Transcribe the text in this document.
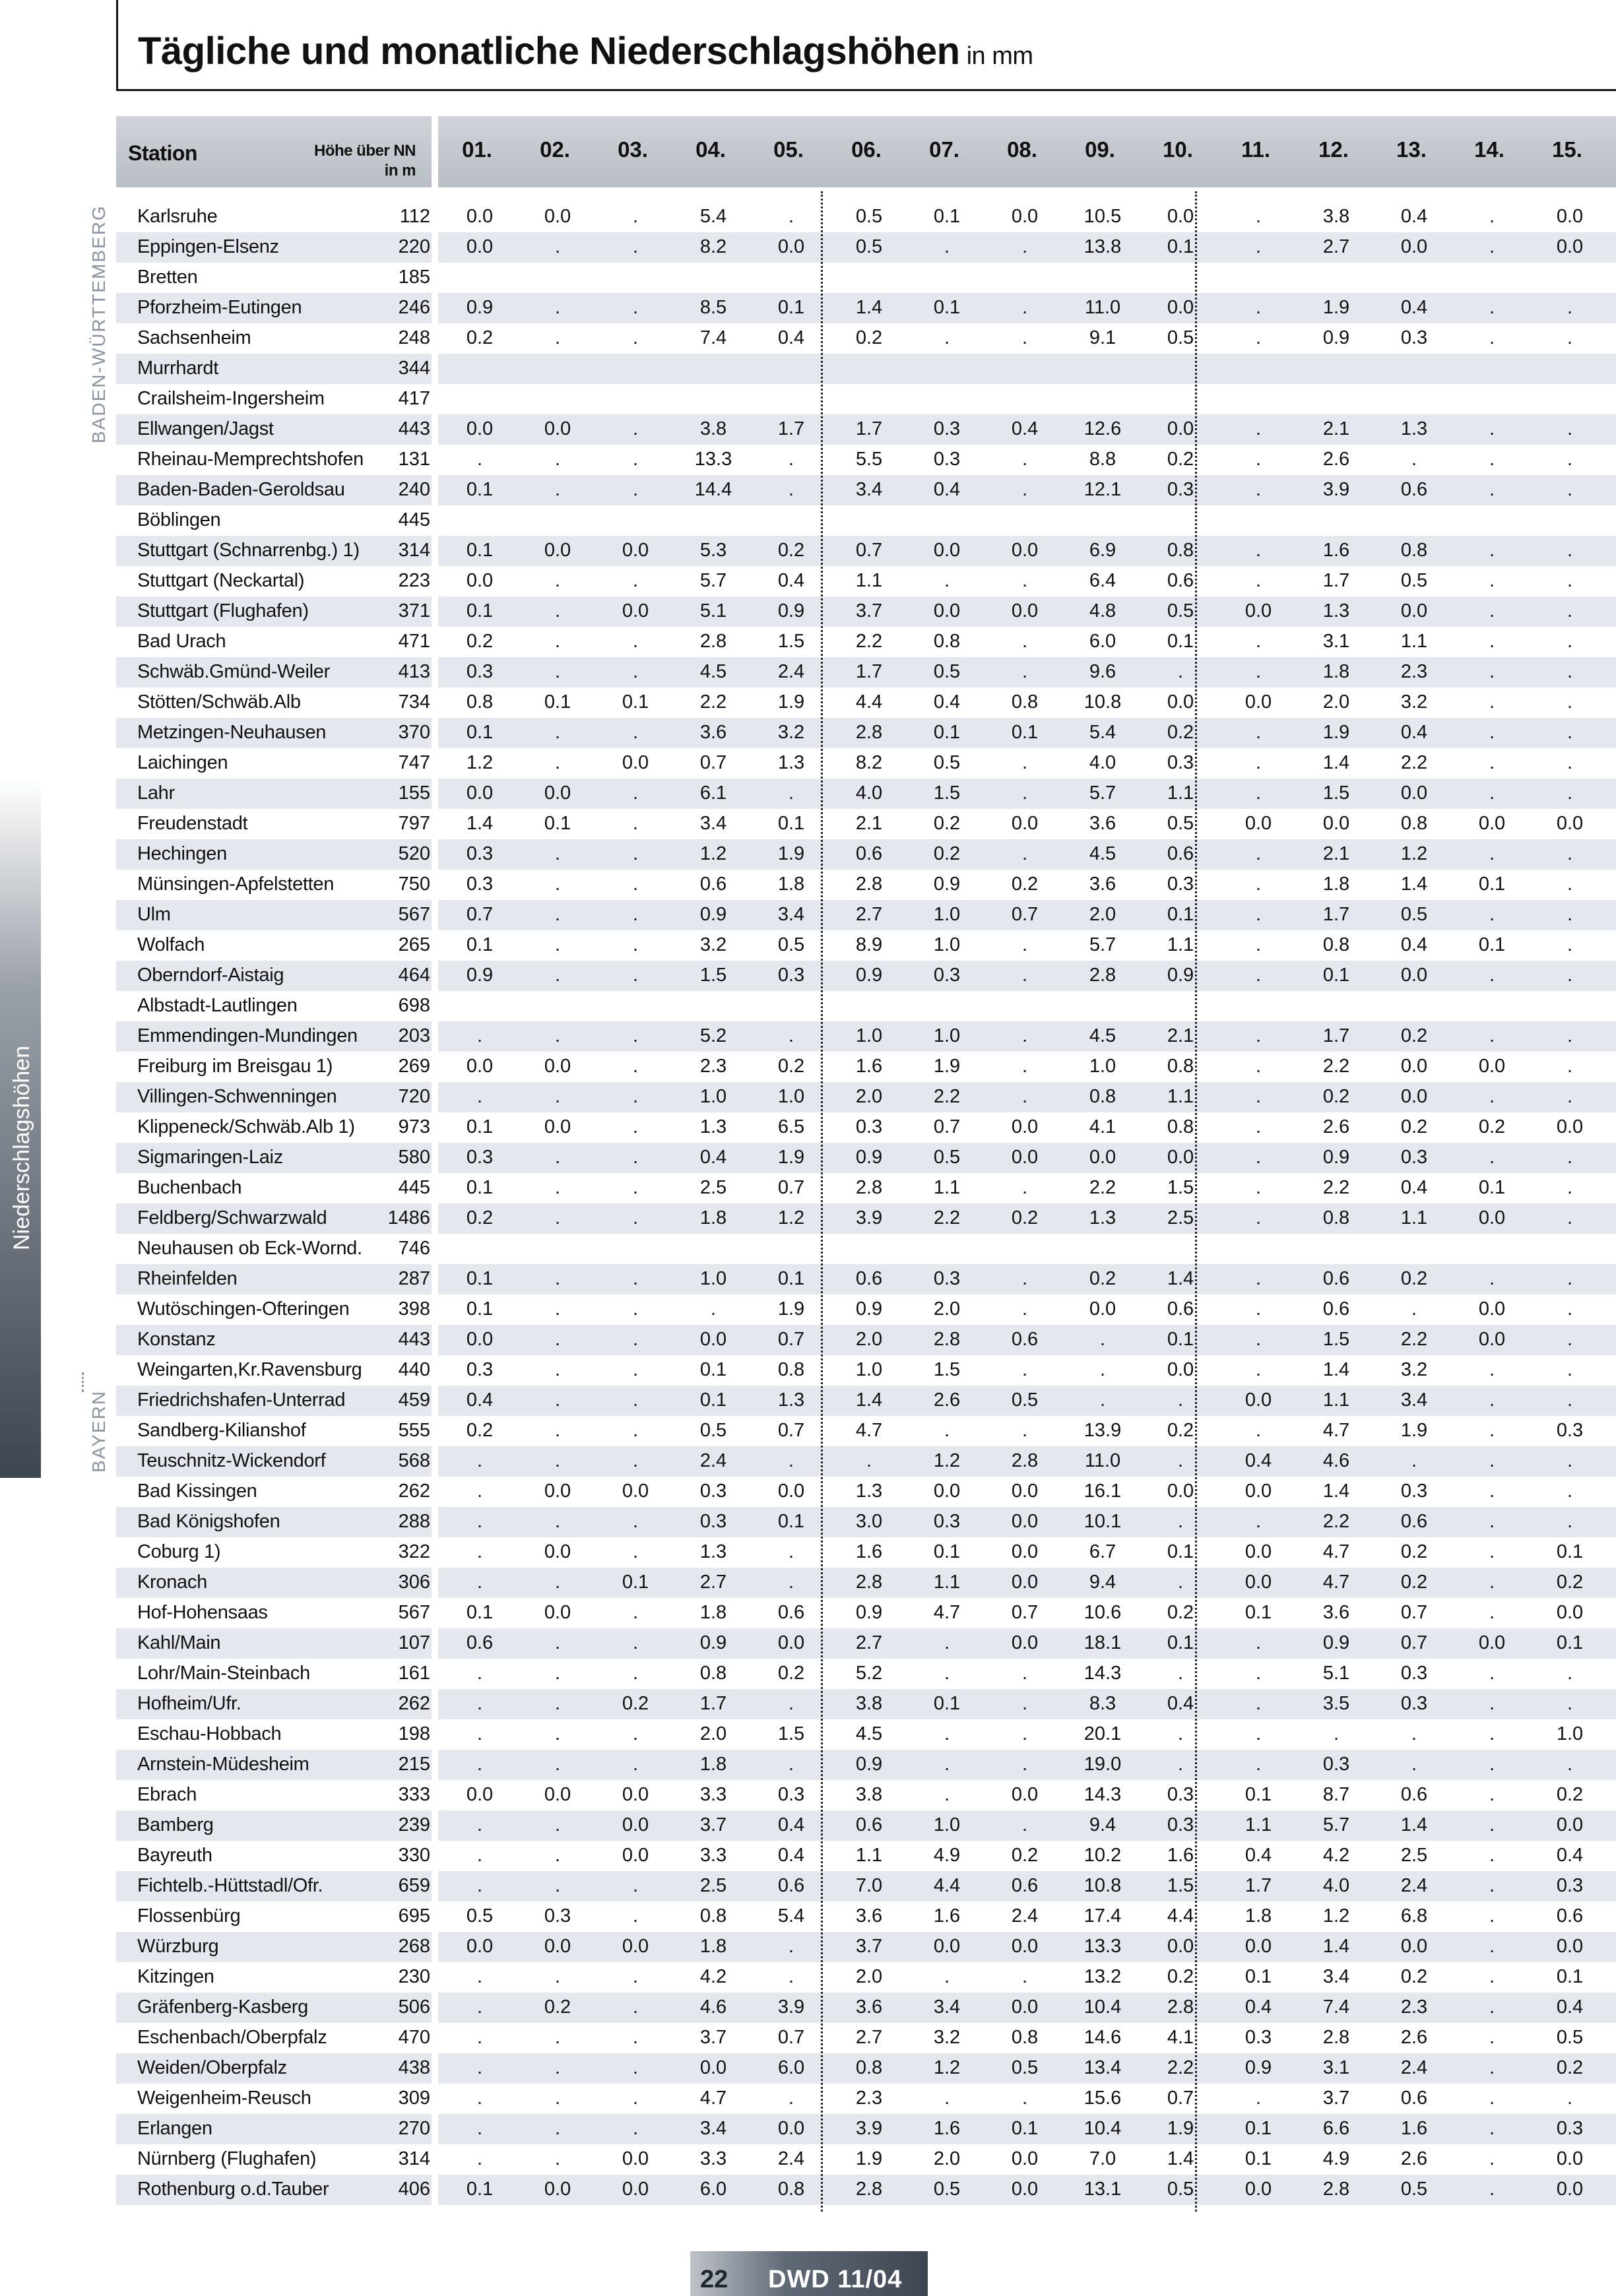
Tägliche und monatliche Niederschlagshöhen in mm
Niederschlagshöhen
BADEN-WÜRTTEMBERG
BAYERN
Station	Höhe über NN
in m
01.	02.	03.	04.	05.	06.	07.	08.	09.	10.	11.	12.	13.	14.	15.
Karlsruhe	112	0.0	0.0	.	5.4	.	0.5	0.1	0.0	10.5	0.0	.	3.8	0.4	.	0.0
Eppingen-Elsenz	220	0.0	.	.	8.2	0.0	0.5	.	.	13.8	0.1	.	2.7	0.0	.	0.0
Bretten	185
Pforzheim-Eutingen	246	0.9	.	.	8.5	0.1	1.4	0.1	.	11.0	0.0	.	1.9	0.4	.	.
Sachsenheim	248	0.2	.	.	7.4	0.4	0.2	.	.	9.1	0.5	.	0.9	0.3	.	.
Murrhardt	344
Crailsheim-Ingersheim	417
Ellwangen/Jagst	443	0.0	0.0	.	3.8	1.7	1.7	0.3	0.4	12.6	0.0	.	2.1	1.3	.	.
Rheinau-Memprechtshofen 131	.	.	.	13.3	.	5.5	0.3	.	8.8	0.2	.	2.6	.	.	.
Baden-Baden-Geroldsau	240	0.1	.	.	14.4	.	3.4	0.4	.	12.1	0.3	.	3.9	0.6	.	.
Böblingen	445
Stuttgart (Schnarrenbg.) 1) 314	0.1	0.0	0.0	5.3	0.2	0.7	0.0	0.0	6.9	0.8	.	1.6	0.8	.	.
Stuttgart (Neckartal)	223	0.0	.	.	5.7	0.4	1.1	.	.	6.4	0.6	.	1.7	0.5	.	.
Stuttgart (Flughafen)	371	0.1	.	0.0	5.1	0.9	3.7	0.0	0.0	4.8	0.5	0.0	1.3	0.0	.	.
Bad Urach	471	0.2	.	.	2.8	1.5	2.2	0.8	.	6.0	0.1	.	3.1	1.1	.	.
Schwäb.Gmünd-Weiler	413	0.3	.	.	4.5	2.4	1.7	0.5	.	9.6	.	.	1.8	2.3	.	.
Stötten/Schwäb.Alb	734	0.8	0.1	0.1	2.2	1.9	4.4	0.4	0.8	10.8	0.0	0.0	2.0	3.2	.	.
Metzingen-Neuhausen	370	0.1	.	.	3.6	3.2	2.8	0.1	0.1	5.4	0.2	.	1.9	0.4	.	.
Laichingen	747	1.2	.	0.0	0.7	1.3	8.2	0.5	.	4.0	0.3	.	1.4	2.2	.	.
Lahr	155	0.0	0.0	.	6.1	.	4.0	1.5	.	5.7	1.1	.	1.5	0.0	.	.
Freudenstadt	797	1.4	0.1	.	3.4	0.1	2.1	0.2	0.0	3.6	0.5	0.0	0.0	0.8	0.0	0.0
Hechingen	520	0.3	.	.	1.2	1.9	0.6	0.2	.	4.5	0.6	.	2.1	1.2	.	.
Münsingen-Apfelstetten	750	0.3	.	.	0.6	1.8	2.8	0.9	0.2	3.6	0.3	.	1.8	1.4	0.1	.
Ulm	567	0.7	.	.	0.9	3.4	2.7	1.0	0.7	2.0	0.1	.	1.7	0.5	.	.
Wolfach	265	0.1	.	.	3.2	0.5	8.9	1.0	.	5.7	1.1	.	0.8	0.4	0.1	.
Oberndorf-Aistaig	464	0.9	.	.	1.5	0.3	0.9	0.3	.	2.8	0.9	.	0.1	0.0	.	.
Albstadt-Lautlingen	698
Emmendingen-Mundingen 203	.	.	.	5.2	.	1.0	1.0	.	4.5	2.1	.	1.7	0.2	.	.
Freiburg im Breisgau 1)	269	0.0	0.0	.	2.3	0.2	1.6	1.9	.	1.0	0.8	.	2.2	0.0	0.0	.
Villingen-Schwenningen	720	.	.	.	1.0	1.0	2.0	2.2	.	0.8	1.1	.	0.2	0.0	.	.
Klippeneck/Schwäb.Alb 1) 973	0.1	0.0	.	1.3	6.5	0.3	0.7	0.0	4.1	0.8	.	2.6	0.2	0.2	0.0
Sigmaringen-Laiz	580	0.3	.	.	0.4	1.9	0.9	0.5	0.0	0.0	0.0	.	0.9	0.3	.	.
Buchenbach	445	0.1	.	.	2.5	0.7	2.8	1.1	.	2.2	1.5	.	2.2	0.4	0.1	.
Feldberg/Schwarzwald	1486	0.2	.	.	1.8	1.2	3.9	2.2	0.2	1.3	2.5	.	0.8	1.1	0.0	.
Neuhausen ob Eck-Wornd. 746
Rheinfelden	287	0.1	.	.	1.0	0.1	0.6	0.3	.	0.2	1.4	.	0.6	0.2	.	.
Wutöschingen-Ofteringen	398	0.1	.	.	.	1.9	0.9	2.0	.	0.0	0.6	.	0.6	.	0.0	.
Konstanz	443	0.0	.	.	0.0	0.7	2.0	2.8	0.6	.	0.1	.	1.5	2.2	0.0	.
Weingarten,Kr.Ravensburg 440	0.3	.	.	0.1	0.8	1.0	1.5	.	.	0.0	.	1.4	3.2	.	.
Friedrichshafen-Unterrad	459	0.4	.	.	0.1	1.3	1.4	2.6	0.5	.	.	0.0	1.1	3.4	.	.
Sandberg-Kilianshof	555	0.2	.	.	0.5	0.7	4.7	.	.	13.9	0.2	.	4.7	1.9	.	0.3
Teuschnitz-Wickendorf	568	.	.	.	2.4	.	.	1.2	2.8	11.0	.	0.4	4.6	.	.	.
Bad Kissingen	262	.	0.0	0.0	0.3	0.0	1.3	0.0	0.0	16.1	0.0	0.0	1.4	0.3	.	.
Bad Königshofen	288	.	.	.	0.3	0.1	3.0	0.3	0.0	10.1	.	.	2.2	0.6	.	.
Coburg 1)	322	.	0.0	.	1.3	.	1.6	0.1	0.0	6.7	0.1	0.0	4.7	0.2	.	0.1
Kronach	306	.	.	0.1	2.7	.	2.8	1.1	0.0	9.4	.	0.0	4.7	0.2	.	0.2
Hof-Hohensaas	567	0.1	0.0	.	1.8	0.6	0.9	4.7	0.7	10.6	0.2	0.1	3.6	0.7	.	0.0
Kahl/Main	107	0.6	.	.	0.9	0.0	2.7	.	0.0	18.1	0.1	.	0.9	0.7	0.0	0.1
Lohr/Main-Steinbach	161	.	.	.	0.8	0.2	5.2	.	.	14.3	.	.	5.1	0.3	.	.
Hofheim/Ufr.	262	.	.	0.2	1.7	.	3.8	0.1	.	8.3	0.4	.	3.5	0.3	.	.
Eschau-Hobbach	198	.	.	.	2.0	1.5	4.5	.	.	20.1	.	.	.	.	.	1.0
Arnstein-Müdesheim	215	.	.	.	1.8	.	0.9	.	.	19.0	.	.	0.3	.	.	.
Ebrach	333	0.0	0.0	0.0	3.3	0.3	3.8	.	0.0	14.3	0.3	0.1	8.7	0.6	.	0.2
Bamberg	239	.	.	0.0	3.7	0.4	0.6	1.0	.	9.4	0.3	1.1	5.7	1.4	.	0.0
Bayreuth	330	.	.	0.0	3.3	0.4	1.1	4.9	0.2	10.2	1.6	0.4	4.2	2.5	.	0.4
Fichtelb.-Hüttstadl/Ofr.	659	.	.	.	2.5	0.6	7.0	4.4	0.6	10.8	1.5	1.7	4.0	2.4	.	0.3
Flossenbürg	695	0.5	0.3	.	0.8	5.4	3.6	1.6	2.4	17.4	4.4	1.8	1.2	6.8	.	0.6
Würzburg	268	0.0	0.0	0.0	1.8	.	3.7	0.0	0.0	13.3	0.0	0.0	1.4	0.0	.	0.0
Kitzingen	230	.	.	.	4.2	.	2.0	.	.	13.2	0.2	0.1	3.4	0.2	.	0.1
Gräfenberg-Kasberg	506	.	0.2	.	4.6	3.9	3.6	3.4	0.0	10.4	2.8	0.4	7.4	2.3	.	0.4
Eschenbach/Oberpfalz	470	.	.	.	3.7	0.7	2.7	3.2	0.8	14.6	4.1	0.3	2.8	2.6	.	0.5
Weiden/Oberpfalz	438	.	.	.	0.0	6.0	0.8	1.2	0.5	13.4	2.2	0.9	3.1	2.4	.	0.2
Weigenheim-Reusch	309	.	.	.	4.7	.	2.3	.	.	15.6	0.7	.	3.7	0.6	.	.
Erlangen	270	.	.	.	3.4	0.0	3.9	1.6	0.1	10.4	1.9	0.1	6.6	1.6	.	0.3
Nürnberg (Flughafen)	314	.	.	0.0	3.3	2.4	1.9	2.0	0.0	7.0	1.4	0.1	4.9	2.6	.	0.0
Rothenburg o.d.Tauber	406	0.1	0.0	0.0	6.0	0.8	2.8	0.5	0.0	13.1	0.5	0.0	2.8	0.5	.	0.0
22 DWD 11/04
